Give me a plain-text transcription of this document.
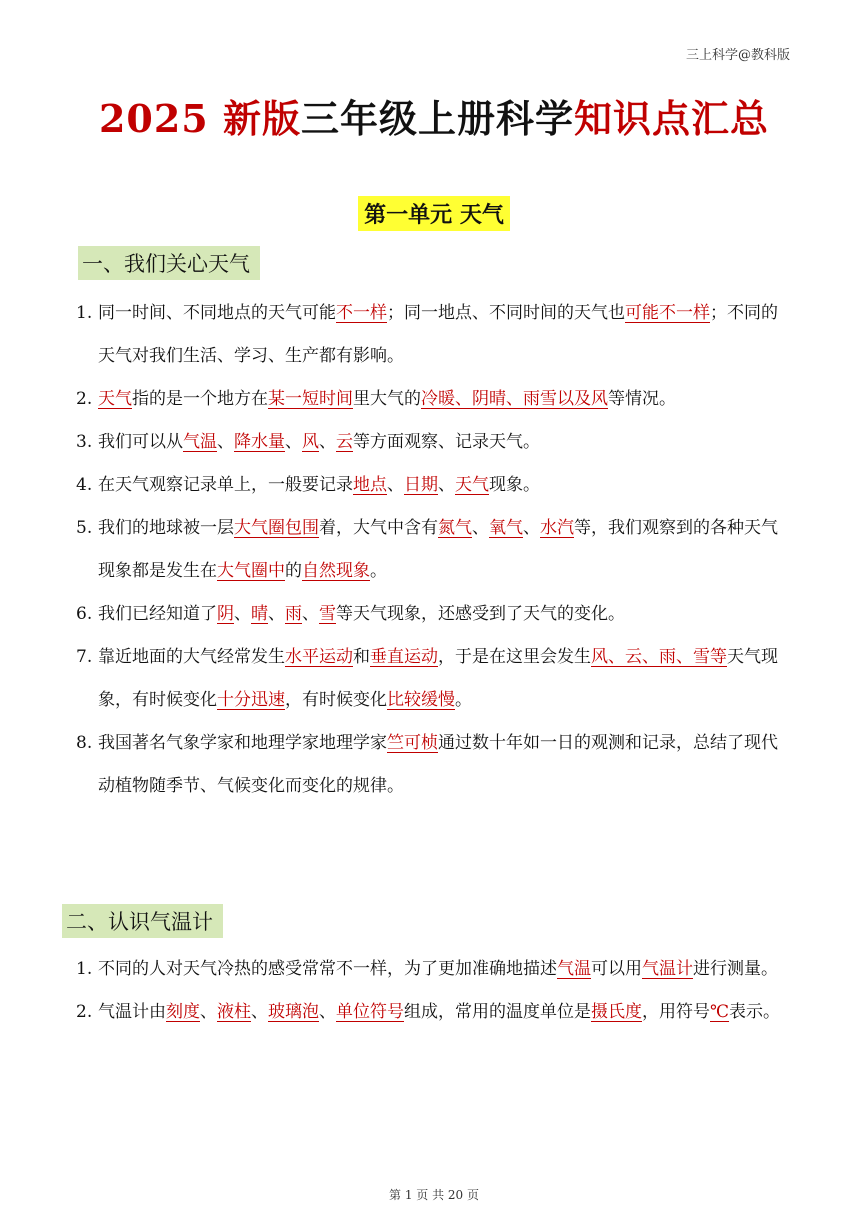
三上科学@教科版
2025 新版三年级上册科学知识点汇总
第一单元 天气
一、我们关心天气
1. 同一时间、不同地点的天气可能不一样；同一地点、不同时间的天气也可能不一样；不同的天气对我们生活、学习、生产都有影响。
2. 天气指的是一个地方在某一短时间里大气的冷暖、阴晴、雨雪以及风等情况。
3. 我们可以从气温、降水量、风、云等方面观察、记录天气。
4. 在天气观察记录单上，一般要记录地点、日期、天气现象。
5. 我们的地球被一层大气圈包围着，大气中含有氮气、氧气、水汽等，我们观察到的各种天气现象都是发生在大气圈中的自然现象。
6. 我们已经知道了阴、晴、雨、雪等天气现象，还感受到了天气的变化。
7. 靠近地面的大气经常发生水平运动和垂直运动，于是在这里会发生风、云、雨、雪等天气现象，有时候变化十分迅速，有时候变化比较缓慢。
8. 我国著名气象学家和地理学家地理学家竺可桢通过数十年如一日的观测和记录，总结了现代动植物随季节、气候变化而变化的规律。
二、认识气温计
1. 不同的人对天气冷热的感受常常不一样，为了更加准确地描述气温可以用气温计进行测量。
2. 气温计由刻度、液柱、玻璃泡、单位符号组成，常用的温度单位是摄氏度，用符号℃表示。
第 1 页 共 20 页
